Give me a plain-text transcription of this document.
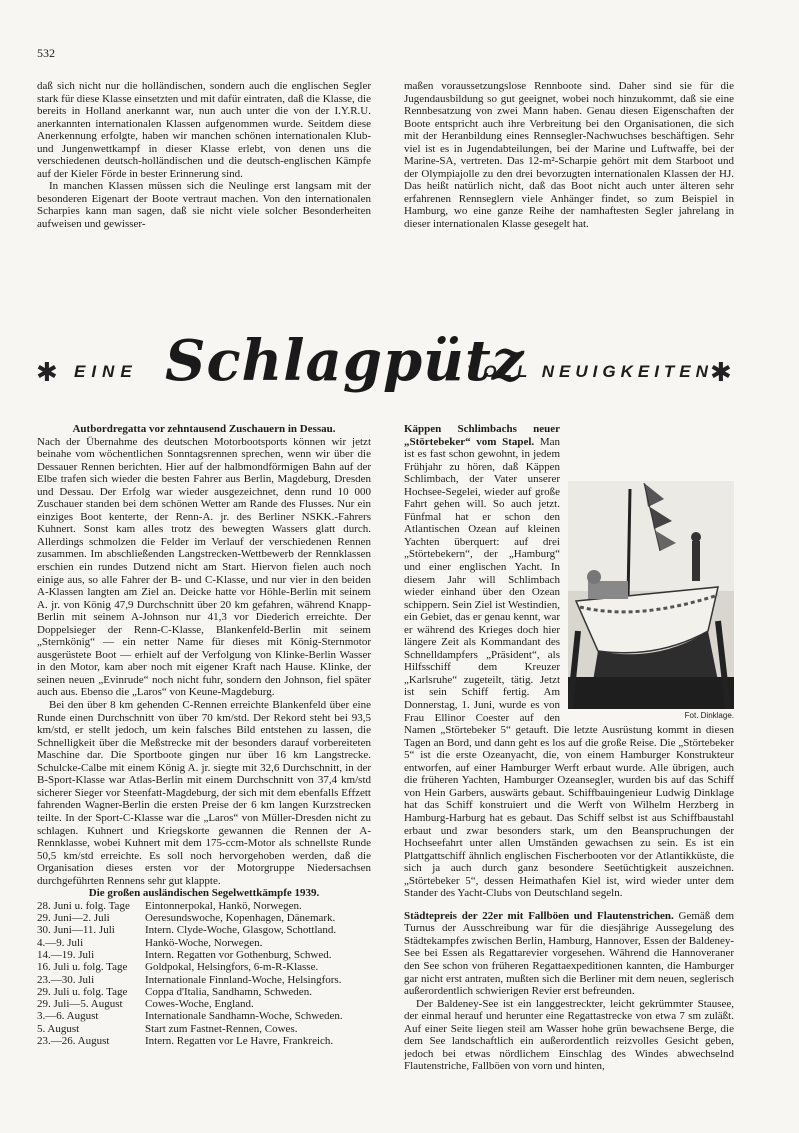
532

daß sich nicht nur die holländischen, sondern auch die englischen Segler stark für diese Klasse einsetzten und mit dafür eintraten, daß die Klasse, die bereits in Holland anerkannt war, nun auch unter die von der I.Y.R.U. anerkannten internationalen Klassen aufgenommen wurde. Seitdem diese Anerkennung erfolgte, haben wir manchen schönen internationalen Klub- und Jungenwettkampf in dieser Klasse erlebt, von denen uns die verschiedenen deutsch-holländischen und die deutsch-englischen Kämpfe auf der Kieler Förde in bester Erinnerung sind.

In manchen Klassen müssen sich die Neulinge erst langsam mit der besonderen Eigenart der Boote vertraut machen. Von den internationalen Scharpies kann man sagen, daß sie nicht viele solcher Besonderheiten aufweisen und gewisser-

maßen voraussetzungslose Rennboote sind. Daher sind sie für die Jugendausbildung so gut geeignet, wobei noch hinzukommt, daß sie eine Rennbesatzung von zwei Mann haben. Genau diesen Eigenschaften der Boote entspricht auch ihre Verbreitung bei den Organisationen, die sich mit der Heranbildung eines Rennsegler-Nachwuchses beschäftigen. Sehr viel ist es in Jugendabteilungen, bei der Marine und Luftwaffe, bei der Marine-SA, vertreten. Das 12-m²-Scharpie gehört mit dem Starboot und der Olympiajolle zu den drei bevorzugten internationalen Klassen der HJ. Das heißt natürlich nicht, daß das Boot nicht auch unter älteren sehr erfahrenen Rennseglern viele Anhänger findet, so zum Beispiel in Hamburg, wo eine ganze Reihe der namhaftesten Segler jahrelang in dieser internationalen Klasse gesegelt hat.

✱ EINE Schlagpütz
VOLL NEUIGKEITEN
✱

Autbordregatta vor zehntausend Zuschauern in Dessau.

Nach der Übernahme des deutschen Motorbootsports können wir jetzt beinahe vom wöchentlichen Sonntagsrennen sprechen, wenn wir über die Dessauer Rennen berichten. Hier auf der halbmondförmigen Bahn auf der Elbe trafen sich wieder die besten Fahrer aus Berlin, Magdeburg, Dresden und Dessau. Der Erfolg war wieder ausgezeichnet, denn rund 10 000 Zuschauer standen bei dem schönen Wetter am Rande des Flusses. Nur ein einziges Boot kenterte, der Renn-A. jr. des Berliner NSKK.-Fahrers Kuhnert. Sonst kam alles trotz des bewegten Wassers glatt durch. Allerdings schmolzen die Felder im Verlauf der verschiedenen Rennen zusammen. Im abschließenden Langstrecken-Wettbewerb der Rennklassen erschien ein rundes Dutzend nicht am Start. Hiervon fielen auch noch einige aus, so alle Fahrer der B- und C-Klasse, und nur vier in den beiden A-Klassen langten am Ziel an. Deicke hatte vor Höhle-Berlin mit seinem A. jr. von König 47,9 Durchschnitt über 20 km gefahren, während Knapp-Berlin mit seinem A-Johnson nur 41,3 vor Diederich erreichte. Der Doppelsieger der Renn-C-Klasse, Blankenfeld-Berlin mit seinem „Sternkönig“ — ein netter Name für dieses mit König-Sternmotor ausgerüstete Boot — erhielt auf der Verfolgung von Klinke-Berlin Wasser in den Motor, kam aber noch mit eigener Kraft nach Hause. Klinke, der seinen neuen „Evinrude“ noch nicht fuhr, sondern den Johnson, fiel später auch aus. Ebenso die „Laros“ von Keune-Magdeburg.

Bei den über 8 km gehenden C-Rennen erreichte Blankenfeld über eine Runde einen Durchschnitt von über 70 km/std. Der Rekord steht bei 93,5 km/std, er stellt jedoch, um kein falsches Bild entstehen zu lassen, die Schnelligkeit über die Meßstrecke mit der besonders darauf vorbereiteten Maschine dar. Die Sportboote gingen nur über 16 km Langstrecke. Schulcke-Calbe mit einem König A. jr. siegte mit 32,6 Durchschnitt, in der B-Sport-Klasse war Atlas-Berlin mit einem Durchschnitt von 37,4 km/std sicherer Sieger vor Steenfatt-Magdeburg, der sich mit dem ebenfalls Effzett fahrenden Wagner-Berlin die ersten Preise der 6 km langen Kurzstrecken teilte. In der Sport-C-Klasse war die „Laros“ von Müller-Dresden nicht zu schlagen. Kuhnert und Kriegskorte gewannen die Rennen der A-Rennklasse, wobei Kuhnert mit dem 175-ccm-Motor als schnellste Runde 50,5 km/std erreichte. Es soll noch hervorgehoben werden, daß die Organisation dieses ersten vor der Motorgruppe Niedersachsen durchgeführten Rennens sehr gut klappte.

Die großen ausländischen Segelwettkämpfe 1939.

28. Juni u. folg. Tage	Eintonnerpokal, Hankö, Norwegen.
29. Juni—2. Juli	Oeresundswoche, Kopenhagen, Dänemark.
30. Juni—11. Juli	Intern. Clyde-Woche, Glasgow, Schottland.
4.—9. Juli	Hankö-Woche, Norwegen.
14.—19. Juli	Intern. Regatten vor Gothenburg, Schwed.
16. Juli u. folg. Tage	Goldpokal, Helsingfors, 6-m-R-Klasse.
23.—30. Juli	Internationale Finnland-Woche, Helsingfors.
29. Juli u. folg. Tage	Coppa d'Italia, Sandhamn, Schweden.
29. Juli—5. August	Cowes-Woche, England.
3.—6. August	Internationale Sandhamn-Woche, Schweden.
5. August	Start zum Fastnet-Rennen, Cowes.
23.—26. August	Intern. Regatten vor Le Havre, Frankreich.
Fot. Dinklage.

Käppen Schlimbachs neuer „Störtebeker“ vom Stapel. Man ist es fast schon gewohnt, in jedem Frühjahr zu hören, daß Käppen Schlimbach, der Vater unserer Hochsee-Segelei, wieder auf große Fahrt gehen will. So auch jetzt. Fünfmal hat er schon den Atlantischen Ozean auf kleinen Yachten überquert: auf drei „Störtebekern“, der „Hamburg“ und einer englischen Yacht. In diesem Jahr will Schlimbach wieder einhand über den Ozean schippern. Sein Ziel ist Westindien, ein Gebiet, das er genau kennt, war er während des Krieges doch hier längere Zeit als Kommandant des Schnelldampfers „Präsident“, als Hilfsschiff dem Kreuzer „Karlsruhe“ zugeteilt, tätig. Jetzt ist sein Schiff fertig. Am Donnerstag, 1. Juni, wurde es von Frau Ellinor Coester auf den Namen „Störtebeker 5“ getauft. Die letzte Ausrüstung kommt in diesen Tagen an Bord, und dann geht es los auf die große Reise. Die „Störtebeker 5“ ist die erste Ozeanyacht, die, von einem Hamburger Konstrukteur entworfen, auf einer Hamburger Werft erbaut wurde. Alle übrigen, auch die früheren Yachten, Hamburger Ozeansegler, wurden bis auf das Schiff von Hein Garbers, auswärts gebaut. Schiffbauingenieur Ludwig Dinklage hat das Schiff konstruiert und die Werft von Wilhelm Herzberg in Hamburg-Harburg hat es gebaut. Das Schiff selbst ist aus Schiffbaustahl erbaut und zwar besonders stark, um den Beanspruchungen der Hochseefahrt unter allen Umständen gewachsen zu sein. Es ist ein Plattgattschiff ähnlich englischen Fischerbooten vor der Atlantikküste, die sich ja auch durch ganz besondere Seetüchtigkeit auszeichnen. „Störtebeker 5“, dessen Heimathafen Kiel ist, wird wieder unter dem Stander des Yacht-Clubs von Deutschland segeln.

Städtepreis der 22er mit Fallböen und Flautenstrichen. Gemäß dem Turnus der Ausschreibung war für die diesjährige Aussegelung des Städtekampfes zwischen Berlin, Hamburg, Hannover, Essen der Baldeney-See bei Essen als Regattarevier vorgesehen. Während die Hannoveraner den See schon von früheren Regattaexpeditionen kannten, die Hamburger gar nicht erst antraten, mußten sich die Berliner mit dem neuen, seglerisch außerordentlich schwierigen Revier erst befreunden.

Der Baldeney-See ist ein langgestreckter, leicht gekrümmter Stausee, der einmal herauf und herunter eine Regattastrecke von etwa 7 sm zuläßt. Auf einer Seite liegen steil am Wasser hohe grün bewachsene Berge, die dem See landschaftlich ein außerordentlich reizvolles Gesicht geben, jedoch bei etwas nördlichem Einschlag des Windes abwechselnd Flautenstriche, Fallböen von vorn und hinten,
